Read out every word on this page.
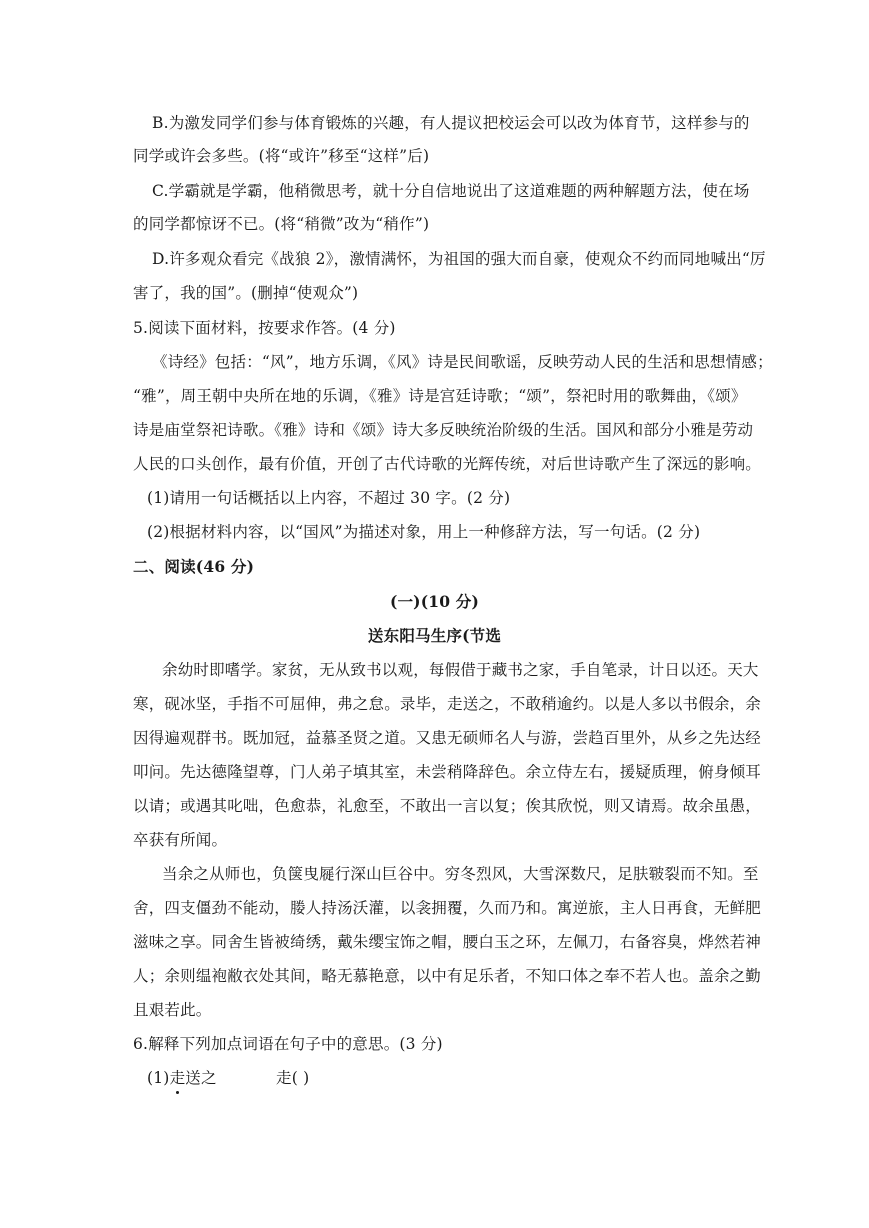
B.为激发同学们参与体育锻炼的兴趣，有人提议把校运会可以改为体育节，这样参与的
同学或许会多些。(将“或许”移至“这样”后)
C.学霸就是学霸，他稍微思考，就十分自信地说出了这道难题的两种解题方法，使在场
的同学都惊讶不已。(将“稍微”改为“稍作”)
D.许多观众看完《战狼 2》，激情满怀，为祖国的强大而自豪，使观众不约而同地喊出“厉
害了，我的国”。(删掉“使观众”)
5.阅读下面材料，按要求作答。(4 分)
《诗经》包括：“风”，地方乐调，《风》诗是民间歌谣，反映劳动人民的生活和思想情感；
“雅”，周王朝中央所在地的乐调，《雅》诗是宫廷诗歌；“颂”，祭祀时用的歌舞曲，《颂》
诗是庙堂祭祀诗歌。《雅》诗和《颂》诗大多反映统治阶级的生活。国风和部分小雅是劳动
人民的口头创作，最有价值，开创了古代诗歌的光辉传统，对后世诗歌产生了深远的影响。
(1)请用一句话概括以上内容，不超过 30 字。(2 分)
(2)根据材料内容，以“国风”为描述对象，用上一种修辞方法，写一句话。(2 分)
二、阅读(46 分)
(一)(10 分)
送东阳马生序(节选
余幼时即嗜学。家贫，无从致书以观，每假借于藏书之家，手自笔录，计日以还。天大
寒，砚冰坚，手指不可屈伸，弗之怠。录毕，走送之，不敢稍逾约。以是人多以书假余，余
因得遍观群书。既加冠，益慕圣贤之道。又患无硕师名人与游，尝趋百里外，从乡之先达经
叩问。先达德隆望尊，门人弟子填其室，未尝稍降辞色。余立侍左右，援疑质理，俯身倾耳
以请；或遇其叱咄，色愈恭，礼愈至，不敢出一言以复；俟其欣悦，则又请焉。故余虽愚，
卒获有所闻。
当余之从师也，负箧曳屣行深山巨谷中。穷冬烈风，大雪深数尺，足肤皲裂而不知。至
舍，四支僵劲不能动，媵人持汤沃灌，以衾拥覆，久而乃和。寓逆旅，主人日再食，无鲜肥
滋味之享。同舍生皆被绮绣，戴朱缨宝饰之帽，腰白玉之环，左佩刀，右备容臭，烨然若神
人；余则缊袍敝衣处其间，略无慕艳意，以中有足乐者，不知口体之奉不若人也。盖余之勤
且艰若此。
6.解释下列加点词语在句子中的意思。(3 分)
(1)走送之	走( )
